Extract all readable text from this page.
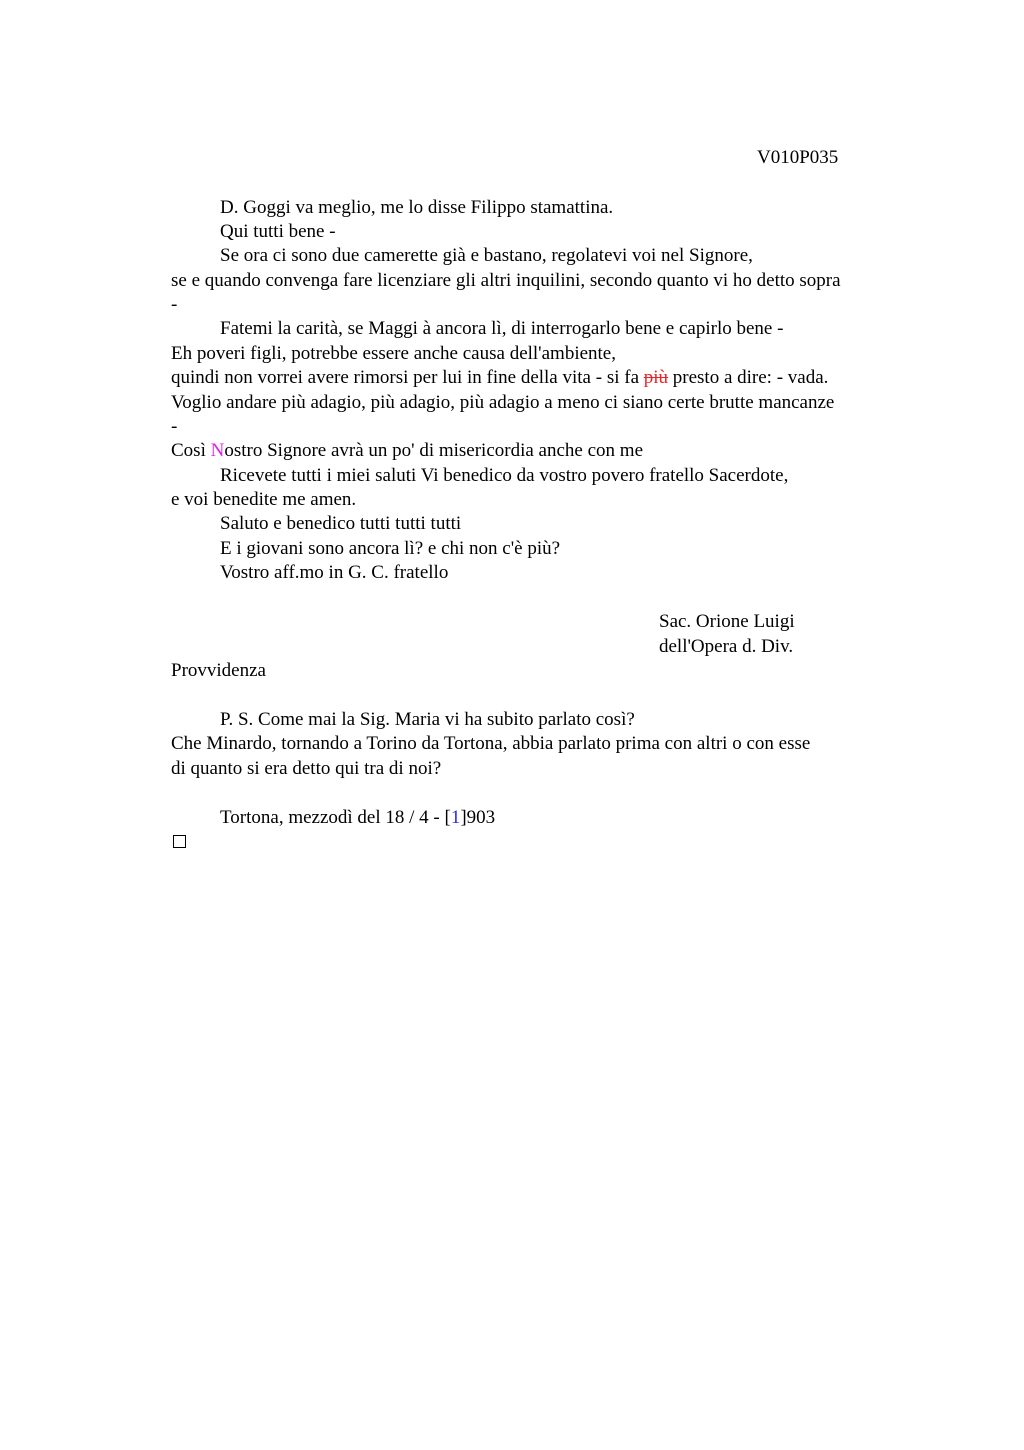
V010P035
D. Goggi va meglio, me lo disse Filippo stamattina.
Qui tutti bene -
Se ora ci sono due camerette già e bastano, regolatevi voi nel Signore,
se e quando convenga fare licenziare gli altri inquilini, secondo quanto vi ho detto sopra
-
Fatemi la carità, se Maggi à ancora lì, di interrogarlo bene e capirlo bene -
Eh poveri figli, potrebbe essere anche causa dell'ambiente,
quindi non vorrei avere rimorsi per lui in fine della vita - si fa più presto a dire: - vada.
Voglio andare più adagio, più adagio, più adagio a meno ci siano certe brutte mancanze
-
Così Nostro Signore avrà un po' di misericordia anche con me
Ricevete tutti i miei saluti Vi benedico da vostro povero fratello Sacerdote,
e voi benedite me amen.
Saluto e benedico tutti tutti tutti
E i giovani sono ancora lì? e chi non c'è più?
Vostro aff.mo in G. C. fratello
Sac. Orione Luigi
dell'Opera d. Div.
Provvidenza
P. S. Come mai la Sig. Maria vi ha subito parlato così?
Che Minardo, tornando a Torino da Tortona, abbia parlato prima con altri o con esse
di quanto si era detto qui tra di noi?
Tortona, mezzodì del 18 / 4 - [1]903
